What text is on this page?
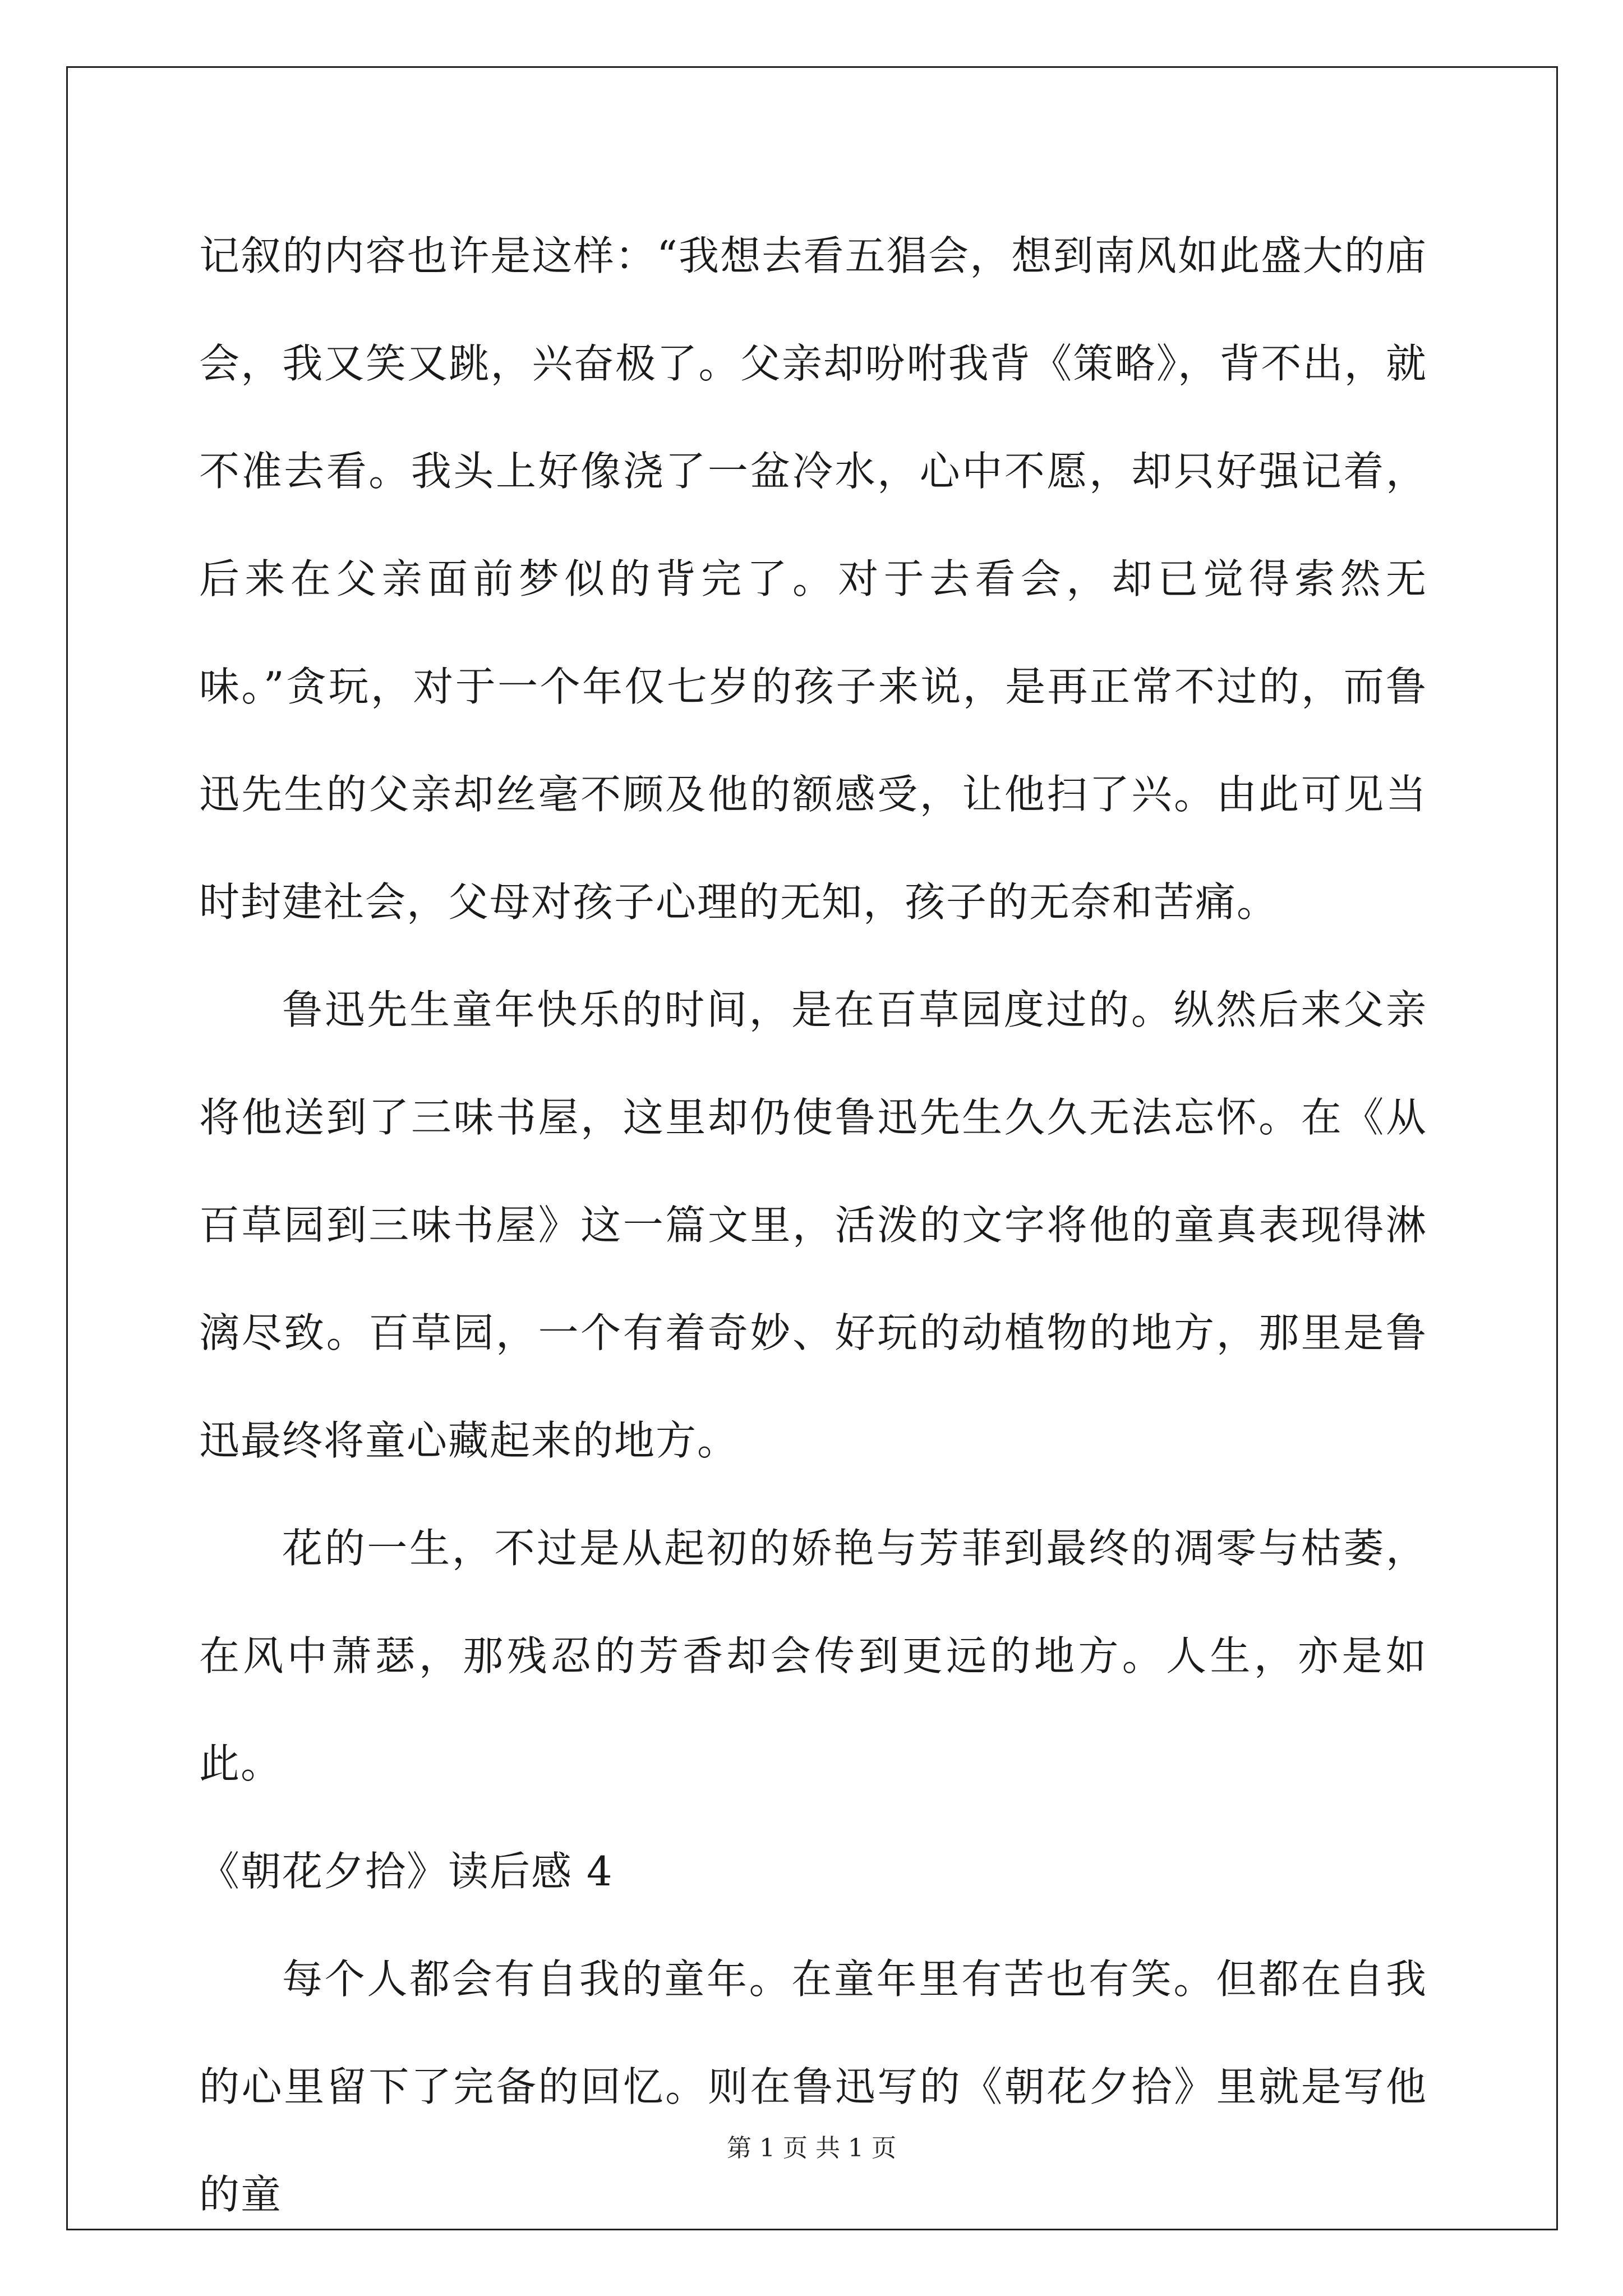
记叙的内容也许是这样：“我想去看五猖会，想到南风如此盛大的庙会，我又笑又跳，兴奋极了。父亲却吩咐我背《策略》，背不出，就不准去看。我头上好像浇了一盆冷水，心中不愿，却只好强记着，后来在父亲面前梦似的背完了。对于去看会，却已觉得索然无味。”贪玩，对于一个年仅七岁的孩子来说，是再正常不过的，而鲁迅先生的父亲却丝毫不顾及他的额感受，让他扫了兴。由此可见当时封建社会，父母对孩子心理的无知，孩子的无奈和苦痛。

鲁迅先生童年快乐的时间，是在百草园度过的。纵然后来父亲将他送到了三味书屋，这里却仍使鲁迅先生久久无法忘怀。在《从百草园到三味书屋》这一篇文里，活泼的文字将他的童真表现得淋漓尽致。百草园，一个有着奇妙、好玩的动植物的地方，那里是鲁迅最终将童心藏起来的地方。

花的一生，不过是从起初的娇艳与芳菲到最终的凋零与枯萎，在风中萧瑟，那残忍的芳香却会传到更远的地方。人生，亦是如此。

《朝花夕拾》读后感 4

每个人都会有自我的童年。在童年里有苦也有笑。但都在自我的心里留下了完备的回忆。则在鲁迅写的《朝花夕拾》里就是写他的童

第 1 页 共 1 页
